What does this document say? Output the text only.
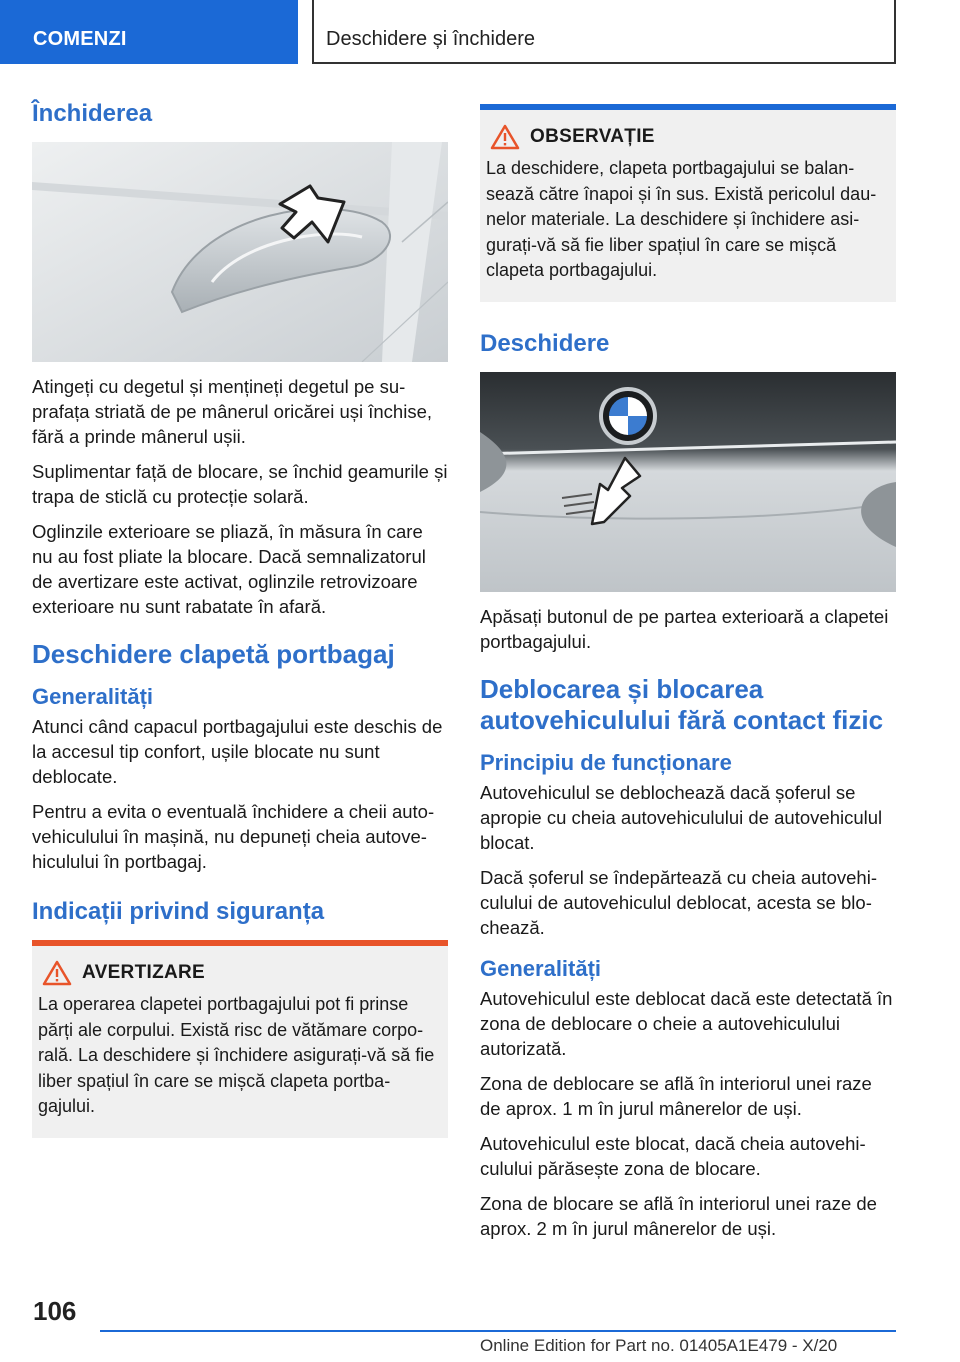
COMENZI	Deschidere și închidere
Închiderea

Atingeți cu degetul și mențineți degetul pe suprafața striată de pe mânerul oricărei uși închise, fără a prinde mânerul ușii.

Suplimentar față de blocare, se închid geamurile și trapa de sticlă cu protecție solară.

Oglinzile exterioare se pliază, în măsura în care nu au fost pliate la blocare. Dacă semnalizatorul de avertizare este activat, oglinzile retrovizoare exterioare nu sunt rabatate în afară.

Deschidere clapetă portbagaj
Generalități

Atunci când capacul portbagajului este deschis de la accesul tip confort, ușile blocate nu sunt deblocate.

Pentru a evita o eventuală închidere a cheii autovehiculului în mașină, nu depuneți cheia autovehiculului în portbagaj.

Indicații privind siguranța
AVERTIZARE

La operarea clapetei portbagajului pot fi prinse părți ale corpului. Există risc de vătămare corporală. La deschidere și închidere asigurați-vă să fie liber spațiul în care se mișcă clapeta portbagajului.

OBSERVAȚIE

La deschidere, clapeta portbagajului se balansează către înapoi și în sus. Există pericolul daunelor materiale. La deschidere și închidere asigurați-vă să fie liber spațiul în care se mișcă clapeta portbagajului.

Deschidere

Apăsați butonul de pe partea exterioară a clapetei portbagajului.

Deblocarea și blocarea autovehiculului fără contact fizic
Principiu de funcționare

Autovehiculul se deblochează dacă șoferul se apropie cu cheia autovehiculului de autovehiculul blocat.

Dacă șoferul se îndepărtează cu cheia autovehiculului de autovehiculul deblocat, acesta se blochează.

Generalități

Autovehiculul este deblocat dacă este detectată în zona de deblocare o cheie a autovehiculului autorizată.

Zona de deblocare se află în interiorul unei raze de aprox. 1 m în jurul mânerelor de uși.

Autovehiculul este blocat, dacă cheia autovehiculului părăsește zona de blocare.

Zona de blocare se află în interiorul unei raze de aprox. 2 m în jurul mânerelor de uși.

106
Online Edition for Part no. 01405A1E479 - X/20
